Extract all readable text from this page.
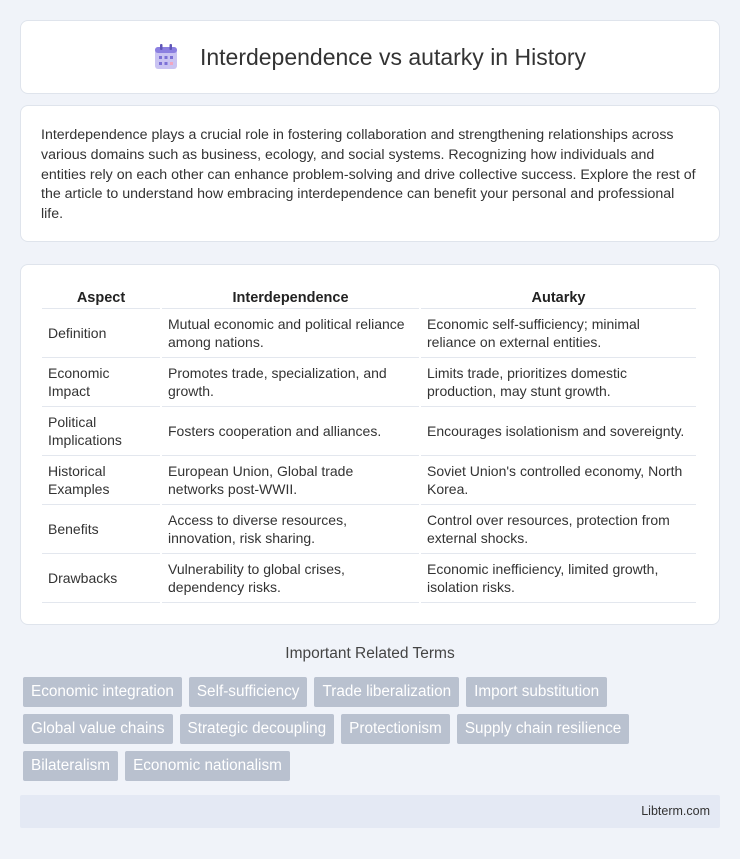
Interdependence vs autarky in History

Interdependence plays a crucial role in fostering collaboration and strengthening relationships across various domains such as business, ecology, and social systems. Recognizing how individuals and entities rely on each other can enhance problem-solving and drive collective success. Explore the rest of the article to understand how embracing interdependence can benefit your personal and professional life.

Aspect	Interdependence	Autarky
Definition	Mutual economic and political reliance among nations.	Economic self-sufficiency; minimal reliance on external entities.
Economic Impact	Promotes trade, specialization, and growth.	Limits trade, prioritizes domestic production, may stunt growth.
Political Implications	Fosters cooperation and alliances.	Encourages isolationism and sovereignty.
Historical Examples	European Union, Global trade networks post-WWII.	Soviet Union's controlled economy, North Korea.
Benefits	Access to diverse resources, innovation, risk sharing.	Control over resources, protection from external shocks.
Drawbacks	Vulnerability to global crises, dependency risks.	Economic inefficiency, limited growth, isolation risks.
Important Related Terms
Economic integration	Self-sufficiency	Trade liberalization	Import substitution
Global value chains	Strategic decoupling	Protectionism	Supply chain resilience
Bilateralism	Economic nationalism
Libterm.com
